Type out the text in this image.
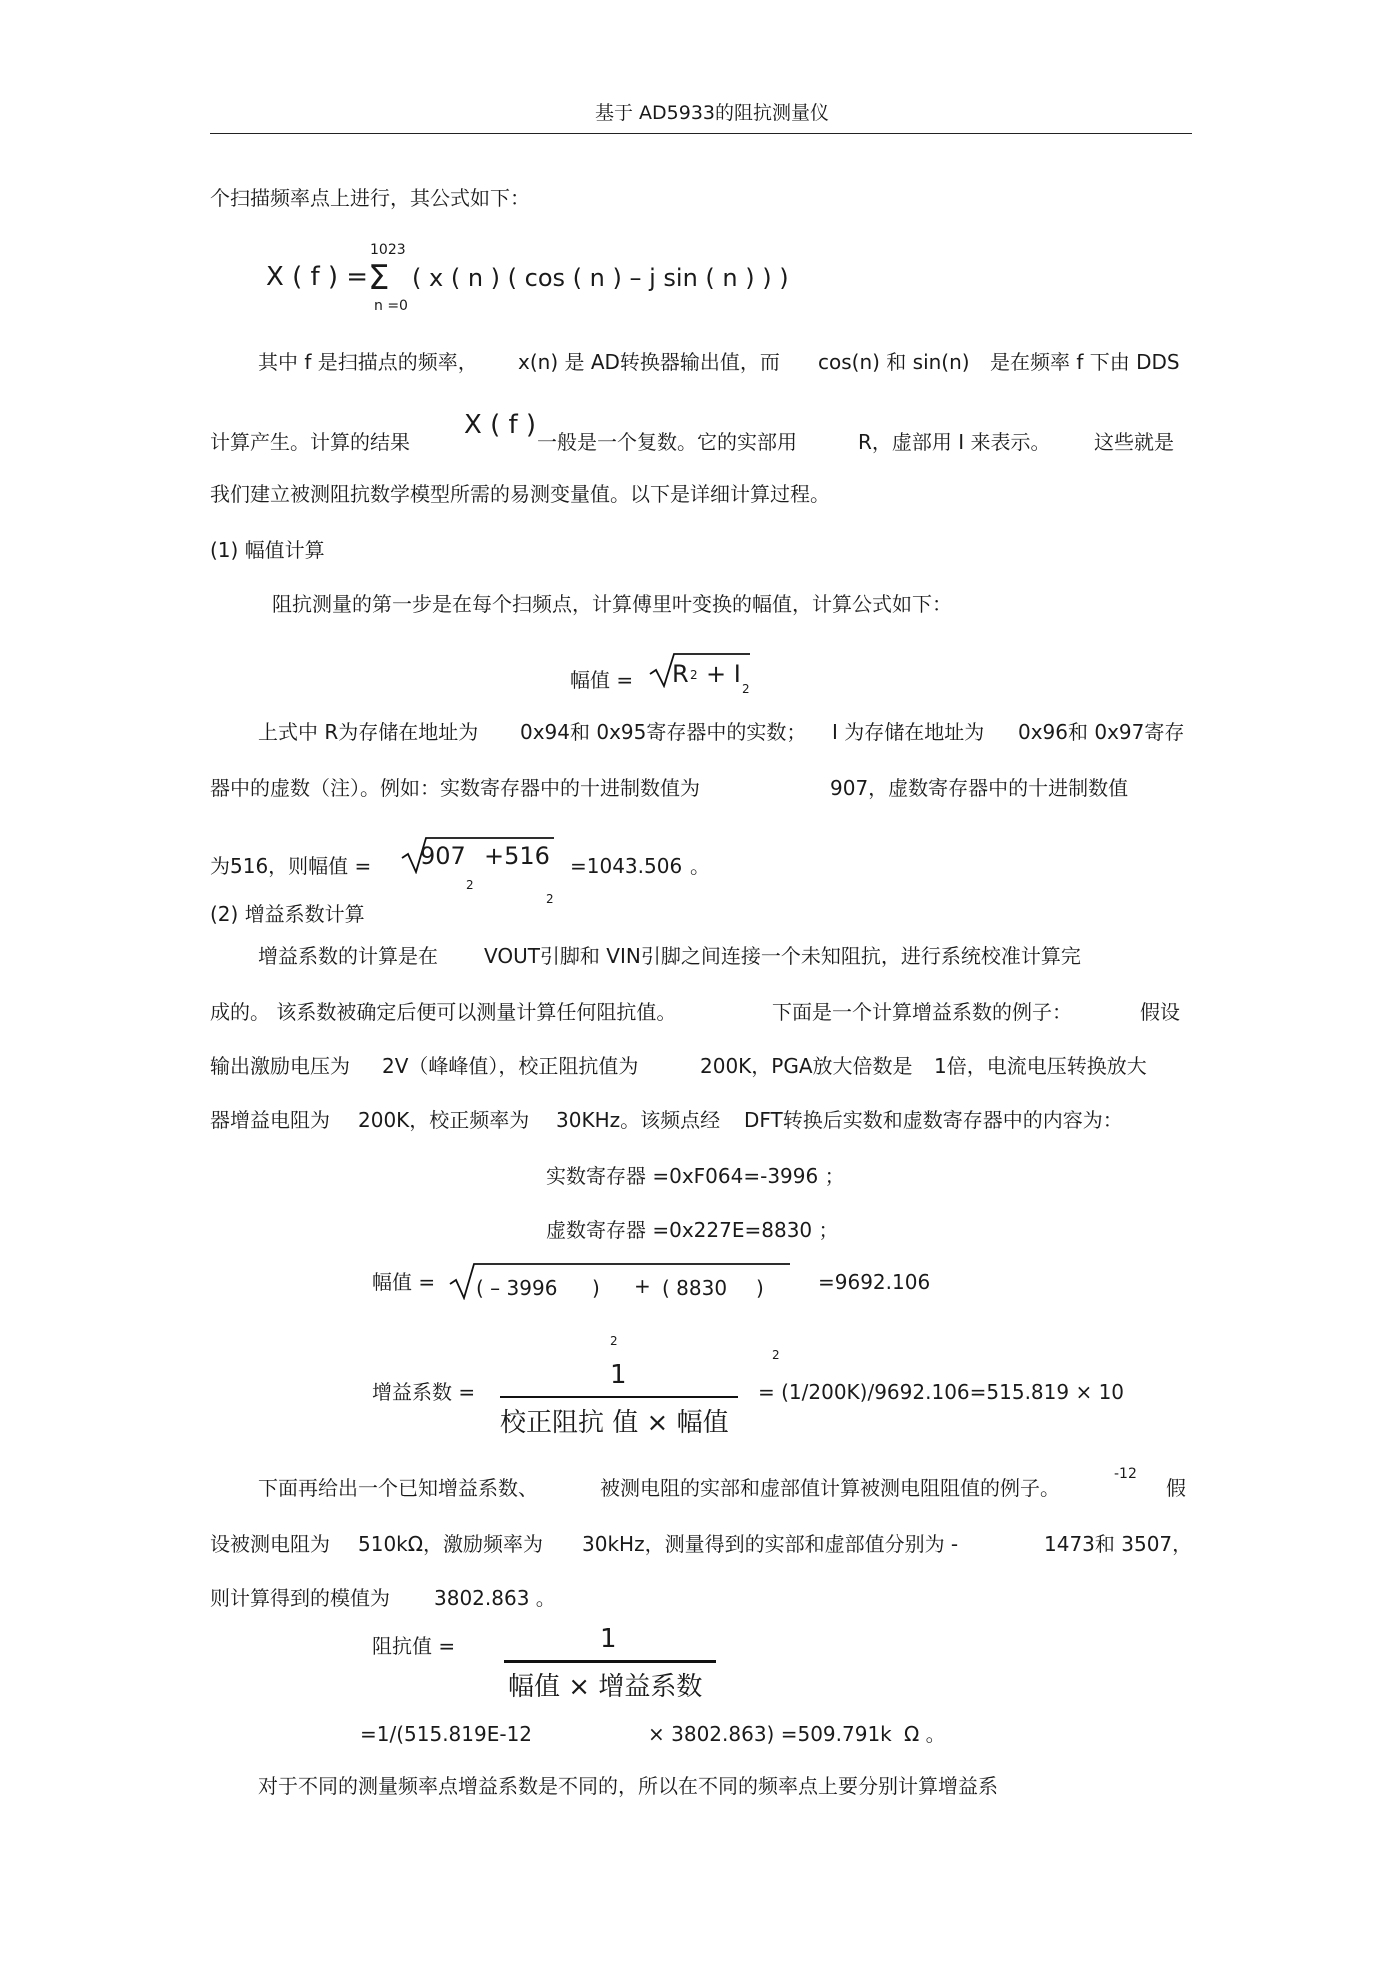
基于 AD5933的阻抗测量仪
个扫描频率点上进行，其公式如下：
1023
X ( f ) = Σ ( x ( n ) ( cos ( n ) – j sin ( n ) ) )
n =0
其中 f 是扫描点的频率， x(n) 是 AD转换器输出值，而 cos(n) 和 sin(n) 是在频率 f 下由 DDS
计算产生。计算的结果
X ( f )
一般是一个复数。它的实部用	R，虚部用 I 来表示。 这些就是
我们建立被测阻抗数学模型所需的易测变量值。以下是详细计算过程。
(1) 幅值计算
阻抗测量的第一步是在每个扫频点，计算傅里叶变换的幅值，计算公式如下：
幅值 = R 2 + I
2
上式中 R为存储在地址为 0x94和 0x95寄存器中的实数； I 为存储在地址为 0x96和 0x97寄存
器中的虚数（注）。例如：实数寄存器中的十进制数值为	907，虚数寄存器中的十进制数值
为516，则幅值 = 907
2
+516
2
=1043.506 。
(2) 增益系数计算
增益系数的计算是在 VOUT引脚和 VIN引脚之间连接一个未知阻抗，进行系统校准计算完
成的。 该系数被确定后便可以测量计算任何阻抗值。	下面是一个计算增益系数的例子：	假设
输出激励电压为 2V（峰峰值），校正阻抗值为	200K，PGA放大倍数是 1倍，电流电压转换放大
器增益电阻为 200K，校正频率为 30KHz。该频点经 DFT转换后实数和虚数寄存器中的内容为：
实数寄存器 =0xF064=-3996 ；
虚数寄存器 =0x227E=8830 ；
幅值 = ( – 3996 )
2
+ ( 8830 )
2
=9692.106
增益系数 =
1
校正阻抗 值 × 幅值
= (1/200K)/9692.106=515.819 × 10
-12
下面再给出一个已知增益系数、	被测电阻的实部和虚部值计算被测电阻阻值的例子。	假
设被测电阻为 510kΩ，激励频率为 30kHz，测量得到的实部和虚部值分别为 -	1473和 3507，
则计算得到的模值为 3802.863 。
阻抗值 =	1
幅值 × 增益系数
=1/(515.819E-12	× 3802.863) =509.791k Ω 。
对于不同的测量频率点增益系数是不同的，所以在不同的频率点上要分别计算增益系
